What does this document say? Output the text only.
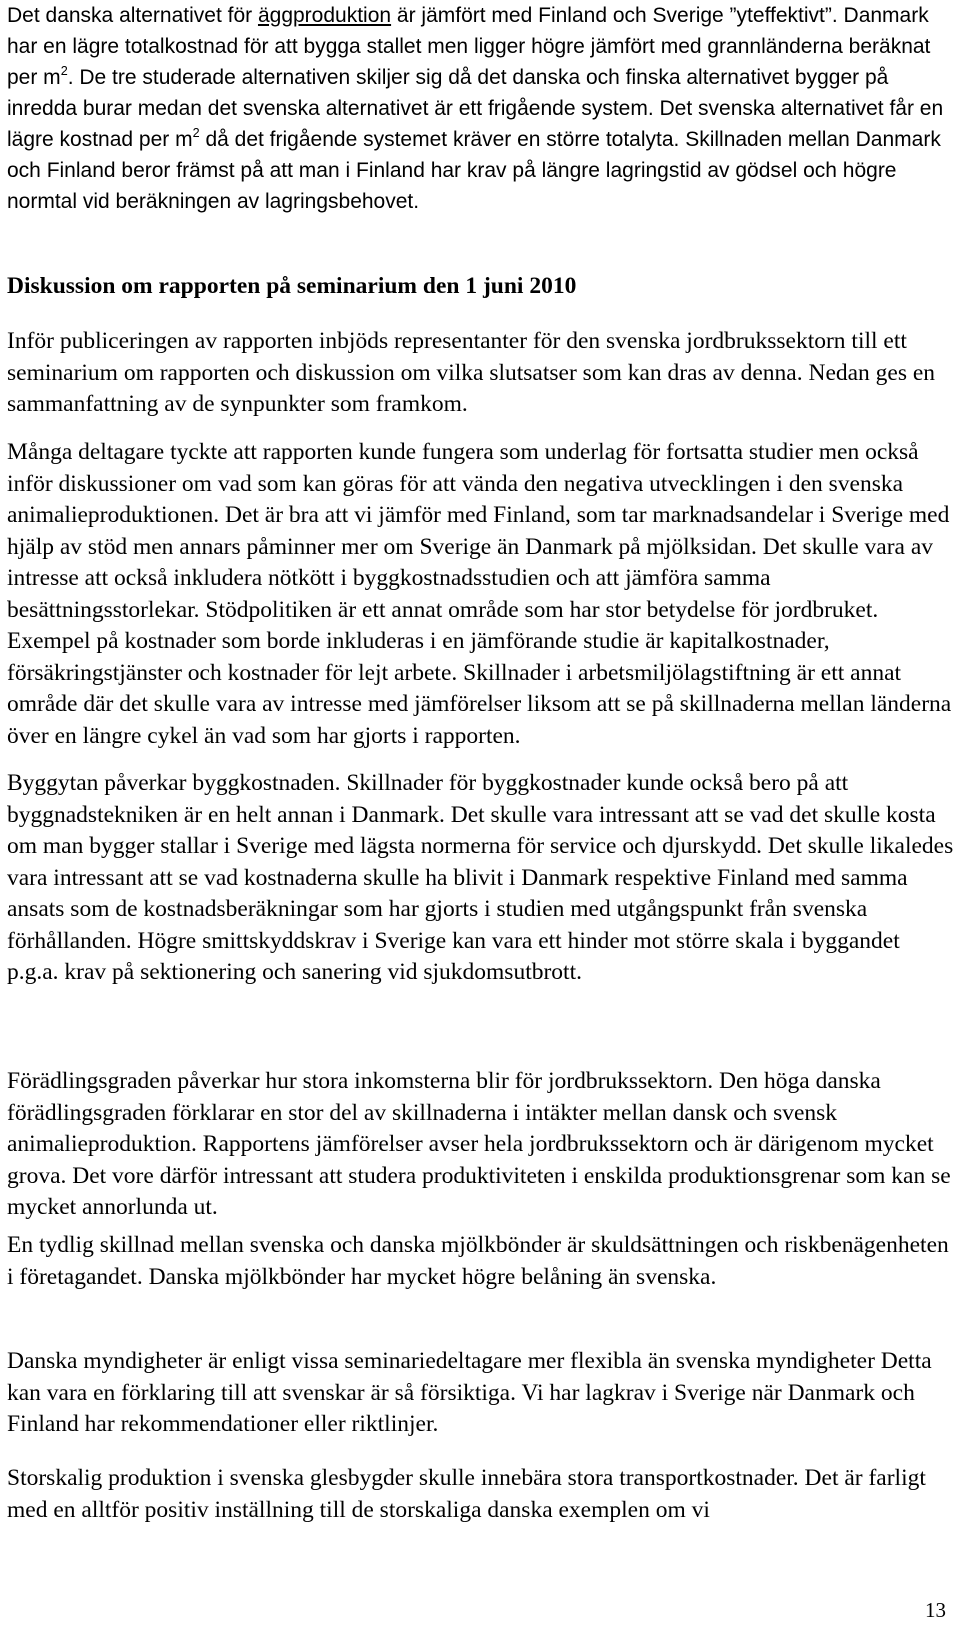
Det danska alternativet för äggproduktion är jämfört med Finland och Sverige ”yteffektivt”. Danmark har en lägre totalkostnad för att bygga stallet men ligger högre jämfört med grannländerna beräknat per $m^2$. De tre studerade alternativen skiljer sig då det danska och finska alternativet bygger på inredda burar medan det svenska alternativet är ett frigående system. Det svenska alternativet får en lägre kostnad per $m^2$ då det frigående systemet kräver en större totalyta. Skillnaden mellan Danmark och Finland beror främst på att man i Finland har krav på längre lagringstid av gödsel och högre normtal vid beräkningen av lagringsbehovet.

Diskussion om rapporten på seminarium den 1 juni 2010

Inför publiceringen av rapporten inbjöds representanter för den svenska jordbrukssektorn till ett seminarium om rapporten och diskussion om vilka slutsatser som kan dras av denna. Nedan ges en sammanfattning av de synpunkter som framkom.

Många deltagare tyckte att rapporten kunde fungera som underlag för fortsatta studier men också inför diskussioner om vad som kan göras för att vända den negativa utvecklingen i den svenska animalieproduktionen. Det är bra att vi jämför med Finland, som tar marknadsandelar i Sverige med hjälp av stöd men annars påminner mer om Sverige än Danmark på mjölksidan. Det skulle vara av intresse att också inkludera nötkött i byggkostnadsstudien och att jämföra samma besättningsstorlekar. Stödpolitiken är ett annat område som har stor betydelse för jordbruket. Exempel på kostnader som borde inkluderas i en jämförande studie är kapitalkostnader, försäkringstjänster och kostnader för lejt arbete. Skillnader i arbetsmiljölagstiftning är ett annat område där det skulle vara av intresse med jämförelser liksom att se på skillnaderna mellan länderna över en längre cykel än vad som har gjorts i rapporten.

Byggytan påverkar byggkostnaden. Skillnader för byggkostnader kunde också bero på att byggnadstekniken är en helt annan i Danmark. Det skulle vara intressant att se vad det skulle kosta om man bygger stallar i Sverige med lägsta normerna för service och djurskydd. Det skulle likaledes vara intressant att se vad kostnaderna skulle ha blivit i Danmark respektive Finland med samma ansats som de kostnadsberäkningar som har gjorts i studien med utgångspunkt från svenska förhållanden. Högre smittskyddskrav i Sverige kan vara ett hinder mot större skala i byggandet p.g.a. krav på sektionering och sanering vid sjukdomsutbrott.

Förädlingsgraden påverkar hur stora inkomsterna blir för jordbrukssektorn. Den höga danska förädlingsgraden förklarar en stor del av skillnaderna i intäkter mellan dansk och svensk animalieproduktion. Rapportens jämförelser avser hela jordbrukssektorn och är därigenom mycket grova. Det vore därför intressant att studera produktiviteten i enskilda produktionsgrenar som kan se mycket annorlunda ut.

En tydlig skillnad mellan svenska och danska mjölkbönder är skuldsättningen och riskbenägenheten i företagandet. Danska mjölkbönder har mycket högre belåning än svenska.

Danska myndigheter är enligt vissa seminariedeltagare mer flexibla än svenska myndigheter Detta kan vara en förklaring till att svenskar är så försiktiga. Vi har lagkrav i Sverige när Danmark och Finland har rekommendationer eller riktlinjer.

Storskalig produktion i svenska glesbygder skulle innebära stora transportkostnader. Det är farligt med en alltför positiv inställning till de storskaliga danska exemplen om vi

13
